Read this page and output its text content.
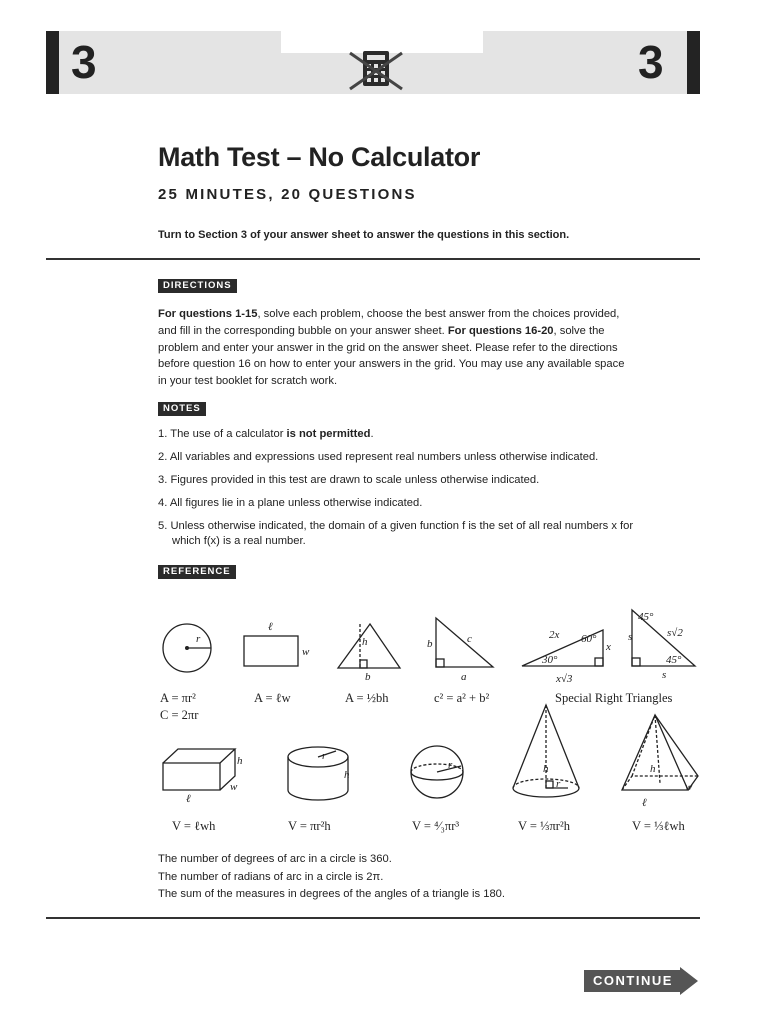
3	3
Math Test – No Calculator
25 MINUTES, 20 QUESTIONS
Turn to Section 3 of your answer sheet to answer the questions in this section.
DIRECTIONS

For questions 1-15, solve each problem, choose the best answer from the choices provided, and fill in the corresponding bubble on your answer sheet. For questions 16-20, solve the problem and enter your answer in the grid on the answer sheet. Please refer to the directions before question 16 on how to enter your answers in the grid. You may use any available space in your test booklet for scratch work.

NOTES
1. The use of a calculator is not permitted.
2. All variables and expressions used represent real numbers unless otherwise indicated.
3. Figures provided in this test are drawn to scale unless otherwise indicated.
4. All figures lie in a plane unless otherwise indicated.
5. Unless otherwise indicated, the domain of a given function f is the set of all real numbers x for which f(x) is a real number.
REFERENCE
r
ℓ
w
h
b
b	c
a
2x 60°
x
30°
x√3
s
45°
s√2
45°
s
h
w
ℓ
r
h
r	h
r
h
w
ℓ
A = πr²
C = 2πr
A = ℓw	A = ½bh	c² = a² + b²	Special Right Triangles
V = ℓwh	V = πr²h	V = ⁴⁄₃πr³	V = ⅓πr²h	V = ⅓ℓwh
The number of degrees of arc in a circle is 360.
The number of radians of arc in a circle is 2π.
The sum of the measures in degrees of the angles of a triangle is 180.
CONTINUE
